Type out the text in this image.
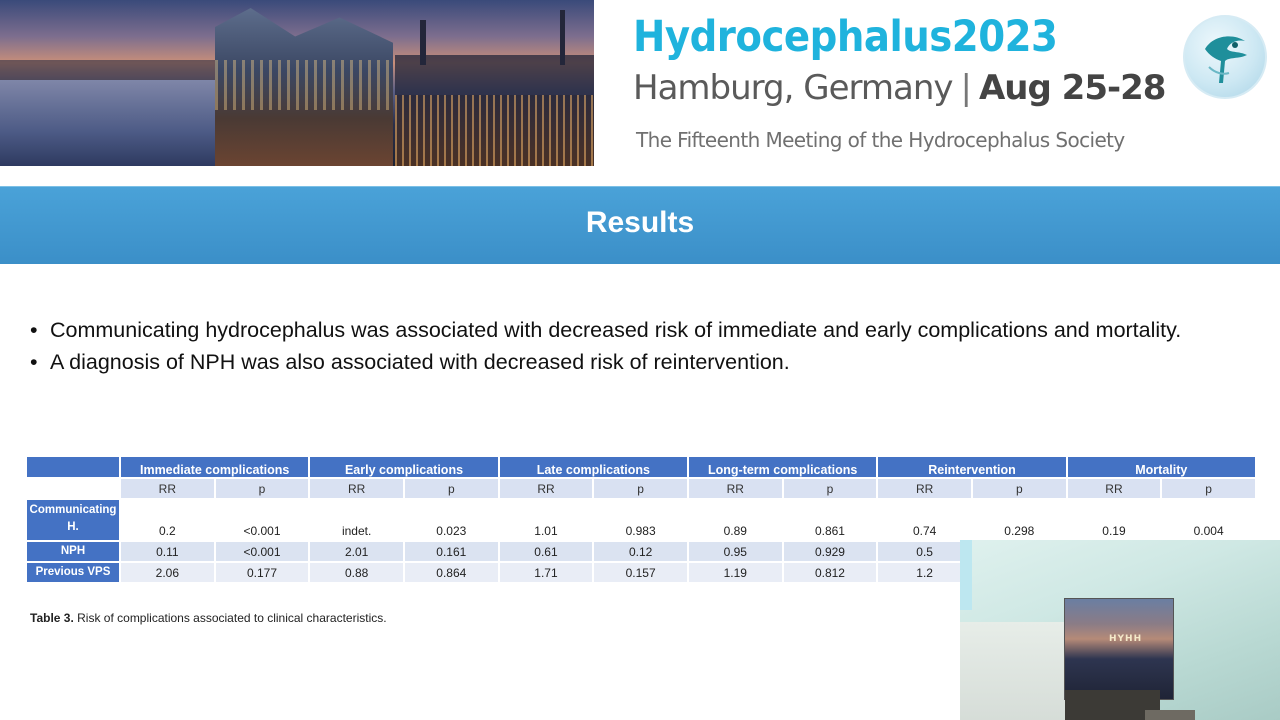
Hydrocephalus2023
Hamburg, Germany | Aug 25-28
The Fifteenth Meeting of the Hydrocephalus Society
Results
• Communicating hydrocephalus was associated with decreased risk of immediate and early complications and mortality.
• A diagnosis of NPH was also associated with decreased risk of reintervention.
	Immediate complications		Early complications		Late complications		Long-term complications		Reintervention		Mortality	
	RR	p	RR	p	RR	p	RR	p	RR	p	RR	p
Communicating
H.	0.2	<0.001	indet.	0.023	1.01	0.983	0.89	0.861	0.74	0.298	0.19	0.004
NPH	0.11	<0.001	2.01	0.161	0.61	0.12	0.95	0.929	0.5			
Previous VPS	2.06	0.177	0.88	0.864	1.71	0.157	1.19	0.812	1.2			
Table 3. Risk of complications associated to clinical characteristics.
HYHH
